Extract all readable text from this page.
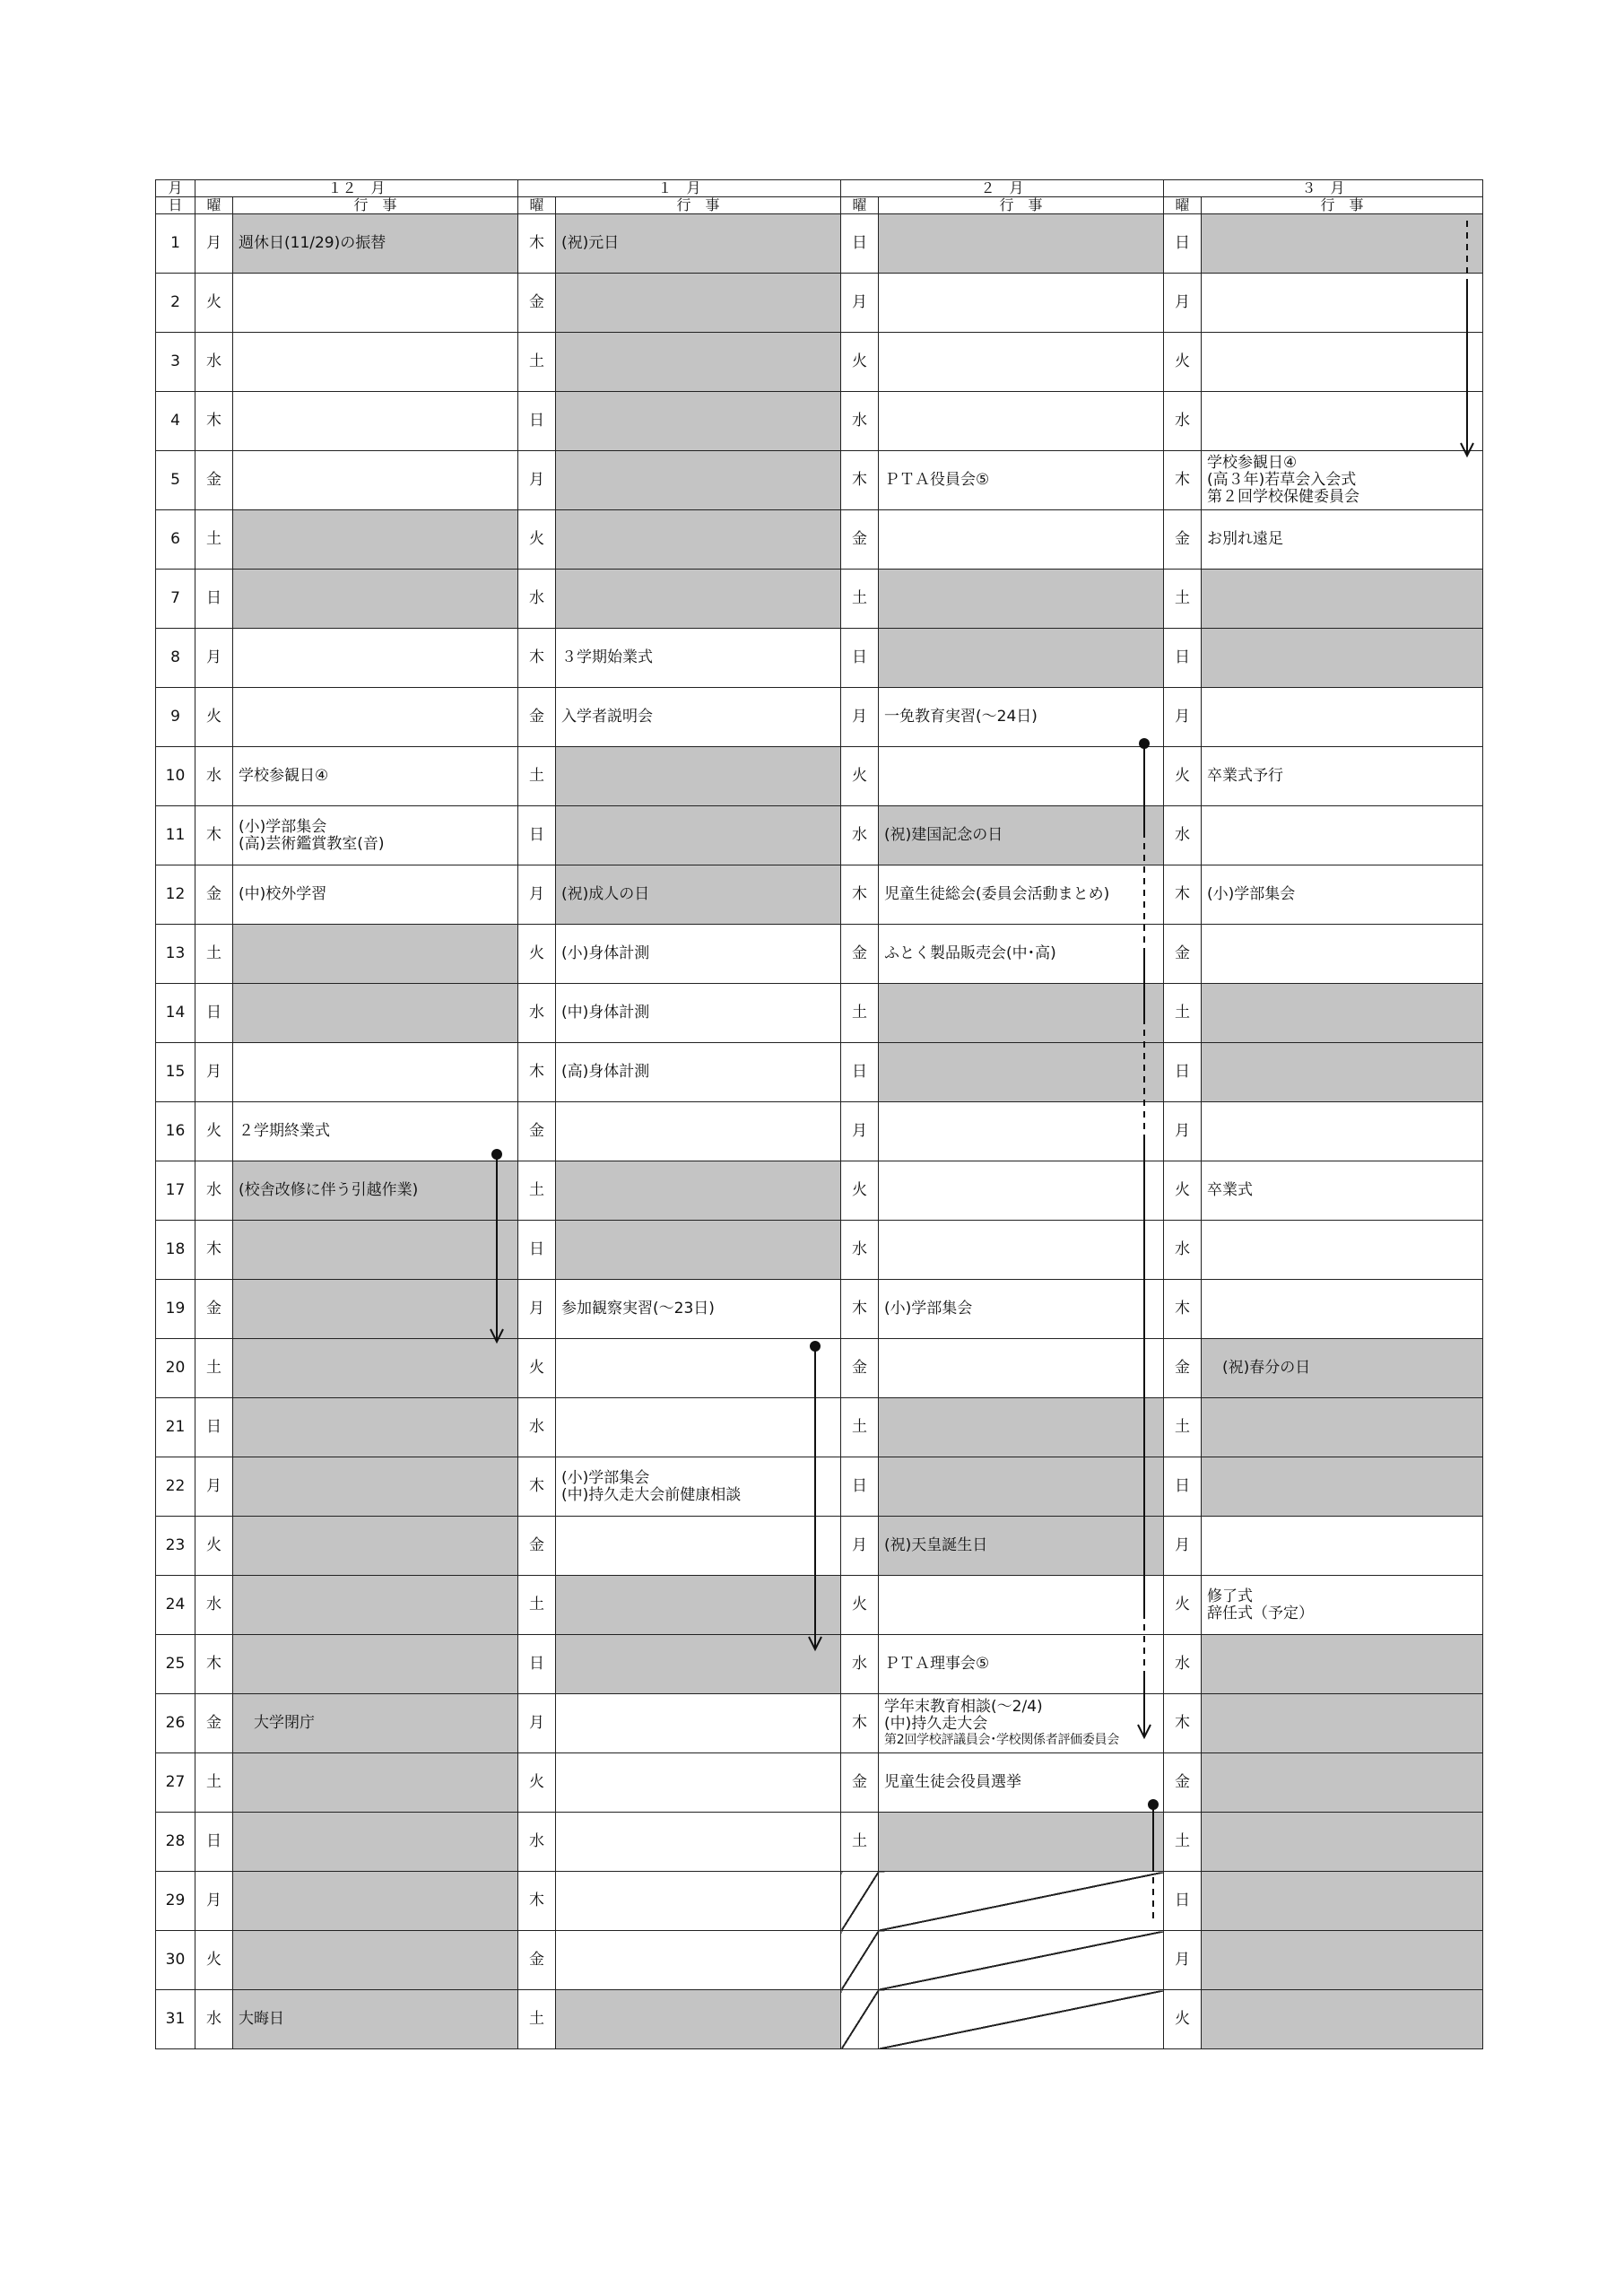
月	１２　月		１　月		２　月		３　月	
日	曜	行　事	曜	行　事	曜	行　事	曜	行　事
1	月	週休日(11/29)の振替	木	(祝)元日	日		日	
2	火		金		月		月	
3	水		土		火		火	
4	木		日		水		水	
5	金		月		木	ＰＴＡ役員会⑤	木	学校参観日④
(高３年)若草会入会式
第２回学校保健委員会

6	土		火		金		金	お別れ遠足

7	日		水		土		土	
8	月		木	３学期始業式	日		日	
9	火		金	入学者説明会	月	一免教育実習(〜24日)	月	
10	水	学校参観日④	土		火		火	卒業式予行

11	木	(小)学部集会
(高)芸術鑑賞教室(音)	日		水	(祝)建国記念の日	水	
12	金	(中)校外学習	月	(祝)成人の日	木	児童生徒総会(委員会活動まとめ)	木	(小)学部集会

13	土		火	(小)身体計測	金	ふとく製品販売会(中･高)	金	
14	日		水	(中)身体計測	土		土	
15	月		木	(高)身体計測	日		日	
16	火	２学期終業式	金		月		月	
17	水	(校舎改修に伴う引越作業)	土		火		火	卒業式

18	木		日		水		水	
19	金		月	参加観察実習(〜23日)	木	(小)学部集会	木	
20	土		火		金		金	　(祝)春分の日

21	日		水		土		土	
22	月		木	(小)学部集会
(中)持久走大会前健康相談	日		日	
23	火		金		月	(祝)天皇誕生日	月	
24	水		土		火		火	修了式
辞任式（予定）

25	木		日		水	ＰＴＡ理事会⑤	水	
26	金	　大学閉庁	月		木	学年末教育相談(〜2/4)
(中)持久走大会
第2回学校評議員会･学校関係者評価委員会	木	
27	土		火		金	児童生徒会役員選挙	金	
28	日		水		土		土	
29	月		木				日	
30	火		金				月	
31	水	大晦日	土				火	
